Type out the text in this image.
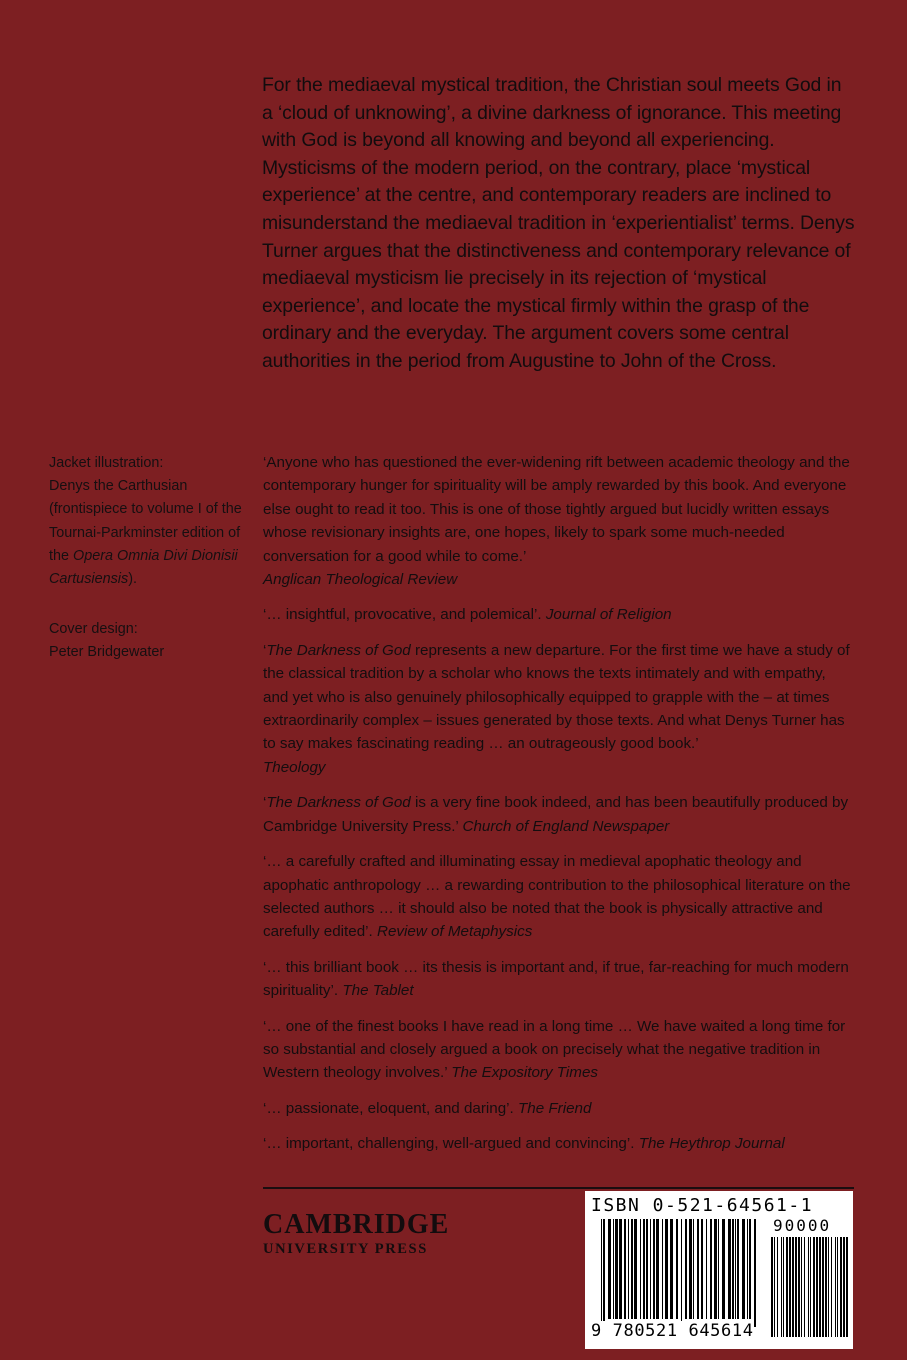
For the mediaeval mystical tradition, the Christian soul meets God in a ‘cloud of unknowing’, a divine darkness of ignorance. This meeting with God is beyond all knowing and beyond all experiencing. Mysticisms of the modern period, on the contrary, place ‘mystical experience’ at the centre, and contemporary readers are inclined to misunderstand the mediaeval tradition in ‘experientialist’ terms. Denys Turner argues that the distinctiveness and contemporary relevance of mediaeval mysticism lie precisely in its rejection of ‘mystical experience’, and locate the mystical firmly within the grasp of the ordinary and the everyday. The argument covers some central authorities in the period from Augustine to John of the Cross.
Jacket illustration:
Denys the Carthusian (frontispiece to volume I of the Tournai-Parkminster edition of the Opera Omnia Divi Dionisii Cartusiensis).
Cover design:
Peter Bridgewater
‘Anyone who has questioned the ever-widening rift between academic theology and the contemporary hunger for spirituality will be amply rewarded by this book. And everyone else ought to read it too. This is one of those tightly argued but lucidly written essays whose revisionary insights are, one hopes, likely to spark some much-needed conversation for a good while to come.’
Anglican Theological Review
‘… insightful, provocative, and polemical’. Journal of Religion
‘The Darkness of God represents a new departure. For the first time we have a study of the classical tradition by a scholar who knows the texts intimately and with empathy, and yet who is also genuinely philosophically equipped to grapple with the – at times extraordinarily complex – issues generated by those texts. And what Denys Turner has to say makes fascinating reading … an outrageously good book.’
Theology
‘The Darkness of God is a very fine book indeed, and has been beautifully produced by Cambridge University Press.’ Church of England Newspaper
‘… a carefully crafted and illuminating essay in medieval apophatic theology and apophatic anthropology … a rewarding contribution to the philosophical literature on the selected authors … it should also be noted that the book is physically attractive and carefully edited’. Review of Metaphysics
‘… this brilliant book … its thesis is important and, if true, far-reaching for much modern spirituality’. The Tablet
‘… one of the finest books I have read in a long time … We have waited a long time for so substantial and closely argued a book on precisely what the negative tradition in Western theology involves.’ The Expository Times
‘… passionate, eloquent, and daring’. The Friend
‘… important, challenging, well-argued and convincing’. The Heythrop Journal
CAMBRIDGE
UNIVERSITY PRESS
ISBN 0-521-64561-1
90000
9 780521 645614
